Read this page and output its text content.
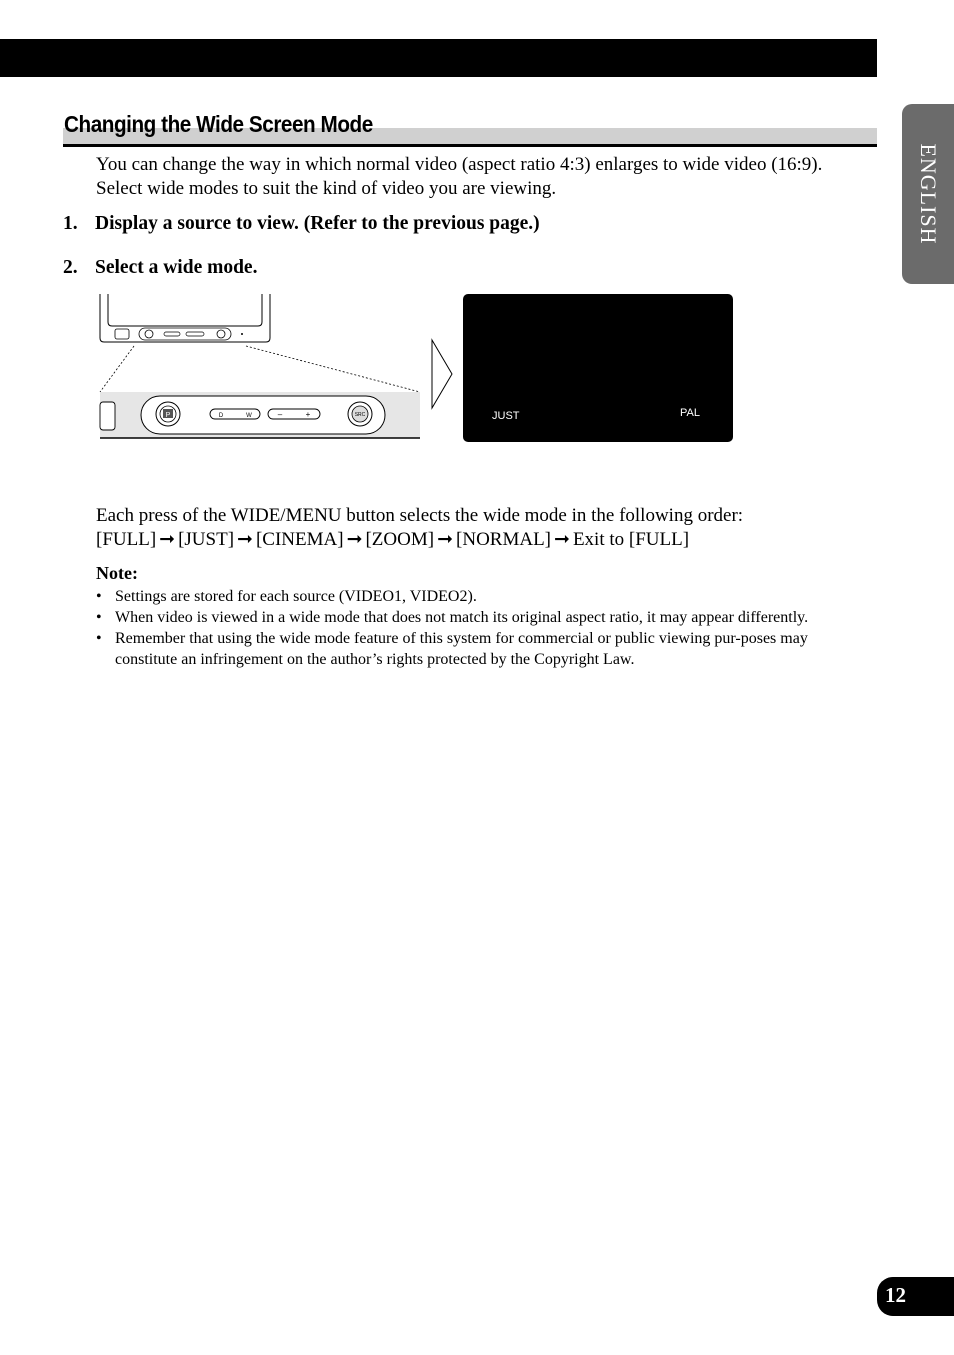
ENGLISH
Changing the Wide Screen Mode

You can change the way in which normal video (aspect ratio 4:3) enlarges to wide video (16:9). Select wide modes to suit the kind of video you are viewing.

1. Display a source to view. (Refer to the previous page.)

2. Select a wide mode.

P	D	W	–	+	SRC	JUST	PAL

Each press of the WIDE/MENU button selects the wide mode in the following order:
[FULL] ➞ [JUST] ➞ [CINEMA] ➞ [ZOOM] ➞ [NORMAL] ➞ Exit to [FULL]

Note:

• Settings are stored for each source (VIDEO1, VIDEO2).
• When video is viewed in a wide mode that does not match its original aspect ratio, it may appear differently.
• Remember that using the wide mode feature of this system for commercial or public viewing pur-poses may constitute an infringement on the author’s rights protected by the Copyright Law.
12
